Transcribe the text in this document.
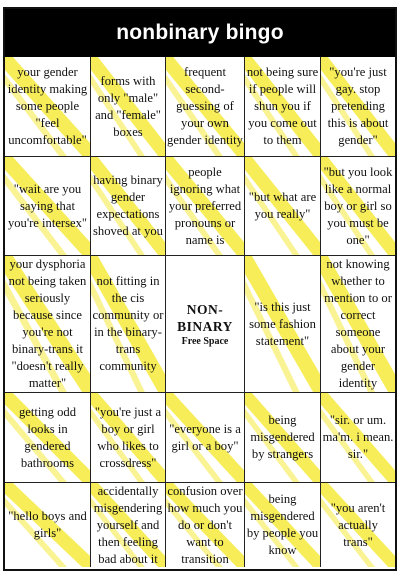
nonbinary bingo
your gender identity making some people "feel uncomfortable"
forms with only "male" and "female" boxes
frequent second-guessing of your own gender identity
not being sure if people will shun you if you come out to them
"you're just gay. stop pretending this is about gender"
"wait are you saying that you're intersex"
having binary gender expectations shoved at you
people ignoring what your preferred pronouns or name is
"but what are you really"
"but you look like a normal boy or girl so you must be one"
your dysphoria not being taken seriously because since you're not binary-trans it "doesn't really matter"
not fitting in the cis community or in the binary-trans community
NON-
BINARY
Free Space
"is this just some fashion statement"
not knowing whether to mention to or correct someone about your gender identity
getting odd looks in gendered bathrooms
"you're just a boy or girl who likes to crossdress"
"everyone is a girl or a boy"
being misgendered by strangers
"sir. or um. ma'm. i mean. sir."
"hello boys and girls"
accidentally misgendering yourself and then feeling bad about it
confusion over how much you do or don't want to transition
being misgendered by people you know
"you aren't actually trans"
